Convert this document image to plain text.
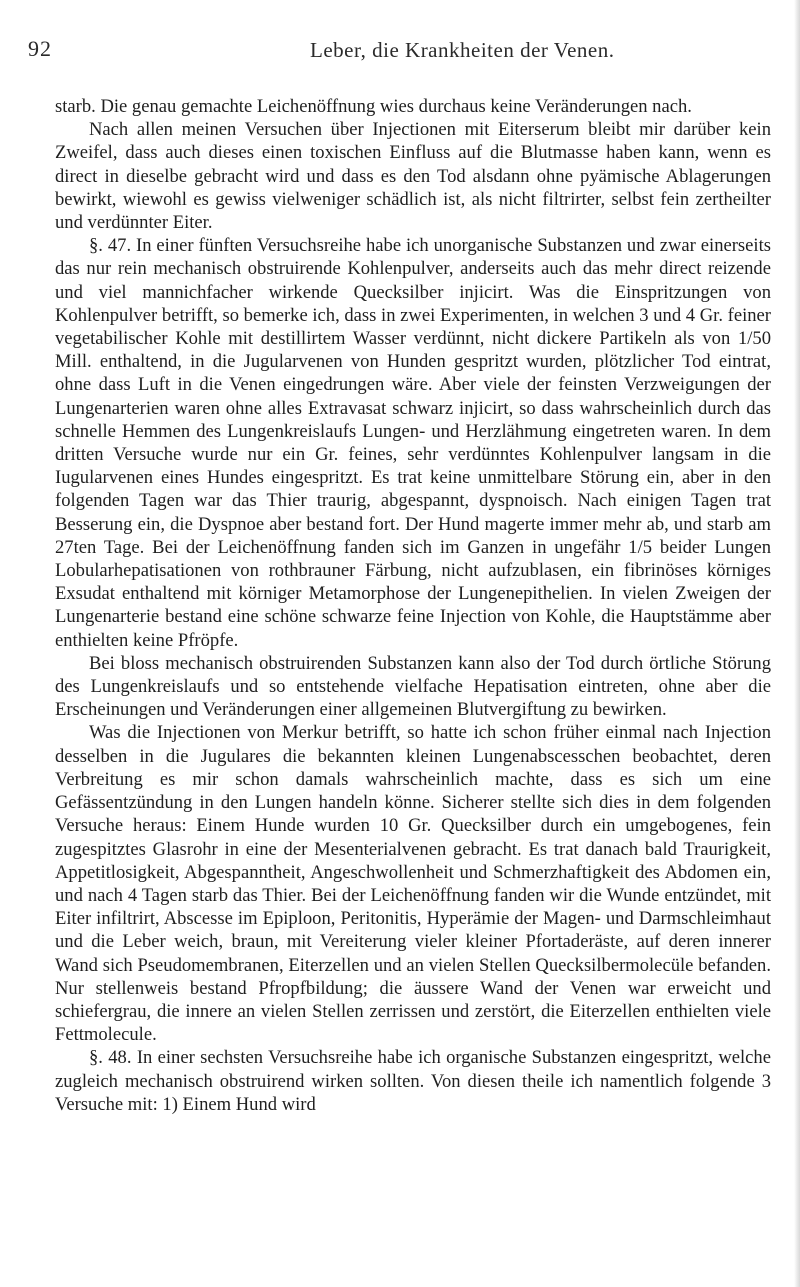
92	Leber, die Krankheiten der Venen.

starb. Die genau gemachte Leichenöffnung wies durchaus keine Veränderungen nach.

Nach allen meinen Versuchen über Injectionen mit Eiterserum bleibt mir darüber kein Zweifel, dass auch dieses einen toxischen Einfluss auf die Blutmasse haben kann, wenn es direct in dieselbe gebracht wird und dass es den Tod alsdann ohne pyämische Ablagerungen bewirkt, wiewohl es gewiss vielweniger schädlich ist, als nicht filtrirter, selbst fein zertheilter und verdünnter Eiter.

§. 47. In einer fünften Versuchsreihe habe ich unorganische Substanzen und zwar einerseits das nur rein mechanisch obstruirende Kohlenpulver, anderseits auch das mehr direct reizende und viel mannichfacher wirkende Quecksilber injicirt. Was die Einspritzungen von Kohlenpulver betrifft, so bemerke ich, dass in zwei Experimenten, in welchen 3 und 4 Gr. feiner vegetabilischer Kohle mit destillirtem Wasser verdünnt, nicht dickere Partikeln als von 1/50 Mill. enthaltend, in die Jugularvenen von Hunden gespritzt wurden, plötzlicher Tod eintrat, ohne dass Luft in die Venen eingedrungen wäre. Aber viele der feinsten Verzweigungen der Lungenarterien waren ohne alles Extravasat schwarz injicirt, so dass wahrscheinlich durch das schnelle Hemmen des Lungenkreislaufs Lungen- und Herzlähmung eingetreten waren. In dem dritten Versuche wurde nur ein Gr. feines, sehr verdünntes Kohlenpulver langsam in die Iugularvenen eines Hundes eingespritzt. Es trat keine unmittelbare Störung ein, aber in den folgenden Tagen war das Thier traurig, abgespannt, dyspnoisch. Nach einigen Tagen trat Besserung ein, die Dyspnoe aber bestand fort. Der Hund magerte immer mehr ab, und starb am 27ten Tage. Bei der Leichenöffnung fanden sich im Ganzen in ungefähr 1/5 beider Lungen Lobularhepatisationen von rothbrauner Färbung, nicht aufzublasen, ein fibrinöses körniges Exsudat enthaltend mit körniger Metamorphose der Lungenepithelien. In vielen Zweigen der Lungenarterie bestand eine schöne schwarze feine Injection von Kohle, die Hauptstämme aber enthielten keine Pfröpfe.

Bei bloss mechanisch obstruirenden Substanzen kann also der Tod durch örtliche Störung des Lungenkreislaufs und so entstehende vielfache Hepatisation eintreten, ohne aber die Erscheinungen und Veränderungen einer allgemeinen Blutvergiftung zu bewirken.

Was die Injectionen von Merkur betrifft, so hatte ich schon früher einmal nach Injection desselben in die Jugulares die bekannten kleinen Lungenabscesschen beobachtet, deren Verbreitung es mir schon damals wahrscheinlich machte, dass es sich um eine Gefässentzündung in den Lungen handeln könne. Sicherer stellte sich dies in dem folgenden Versuche heraus: Einem Hunde wurden 10 Gr. Quecksilber durch ein umgebogenes, fein zugespitztes Glasrohr in eine der Mesenterialvenen gebracht. Es trat danach bald Traurigkeit, Appetitlosigkeit, Abgespanntheit, Angeschwollenheit und Schmerzhaftigkeit des Abdomen ein, und nach 4 Tagen starb das Thier. Bei der Leichenöffnung fanden wir die Wunde entzündet, mit Eiter infiltrirt, Abscesse im Epiploon, Peritonitis, Hyperämie der Magen- und Darmschleimhaut und die Leber weich, braun, mit Vereiterung vieler kleiner Pfortaderäste, auf deren innerer Wand sich Pseudomembranen, Eiterzellen und an vielen Stellen Quecksilbermolecüle befanden. Nur stellenweis bestand Pfropfbildung; die äussere Wand der Venen war erweicht und schiefergrau, die innere an vielen Stellen zerrissen und zerstört, die Eiterzellen enthielten viele Fettmolecule.

§. 48. In einer sechsten Versuchsreihe habe ich organische Substanzen eingespritzt, welche zugleich mechanisch obstruirend wirken sollten. Von diesen theile ich namentlich folgende 3 Versuche mit: 1) Einem Hund wird
